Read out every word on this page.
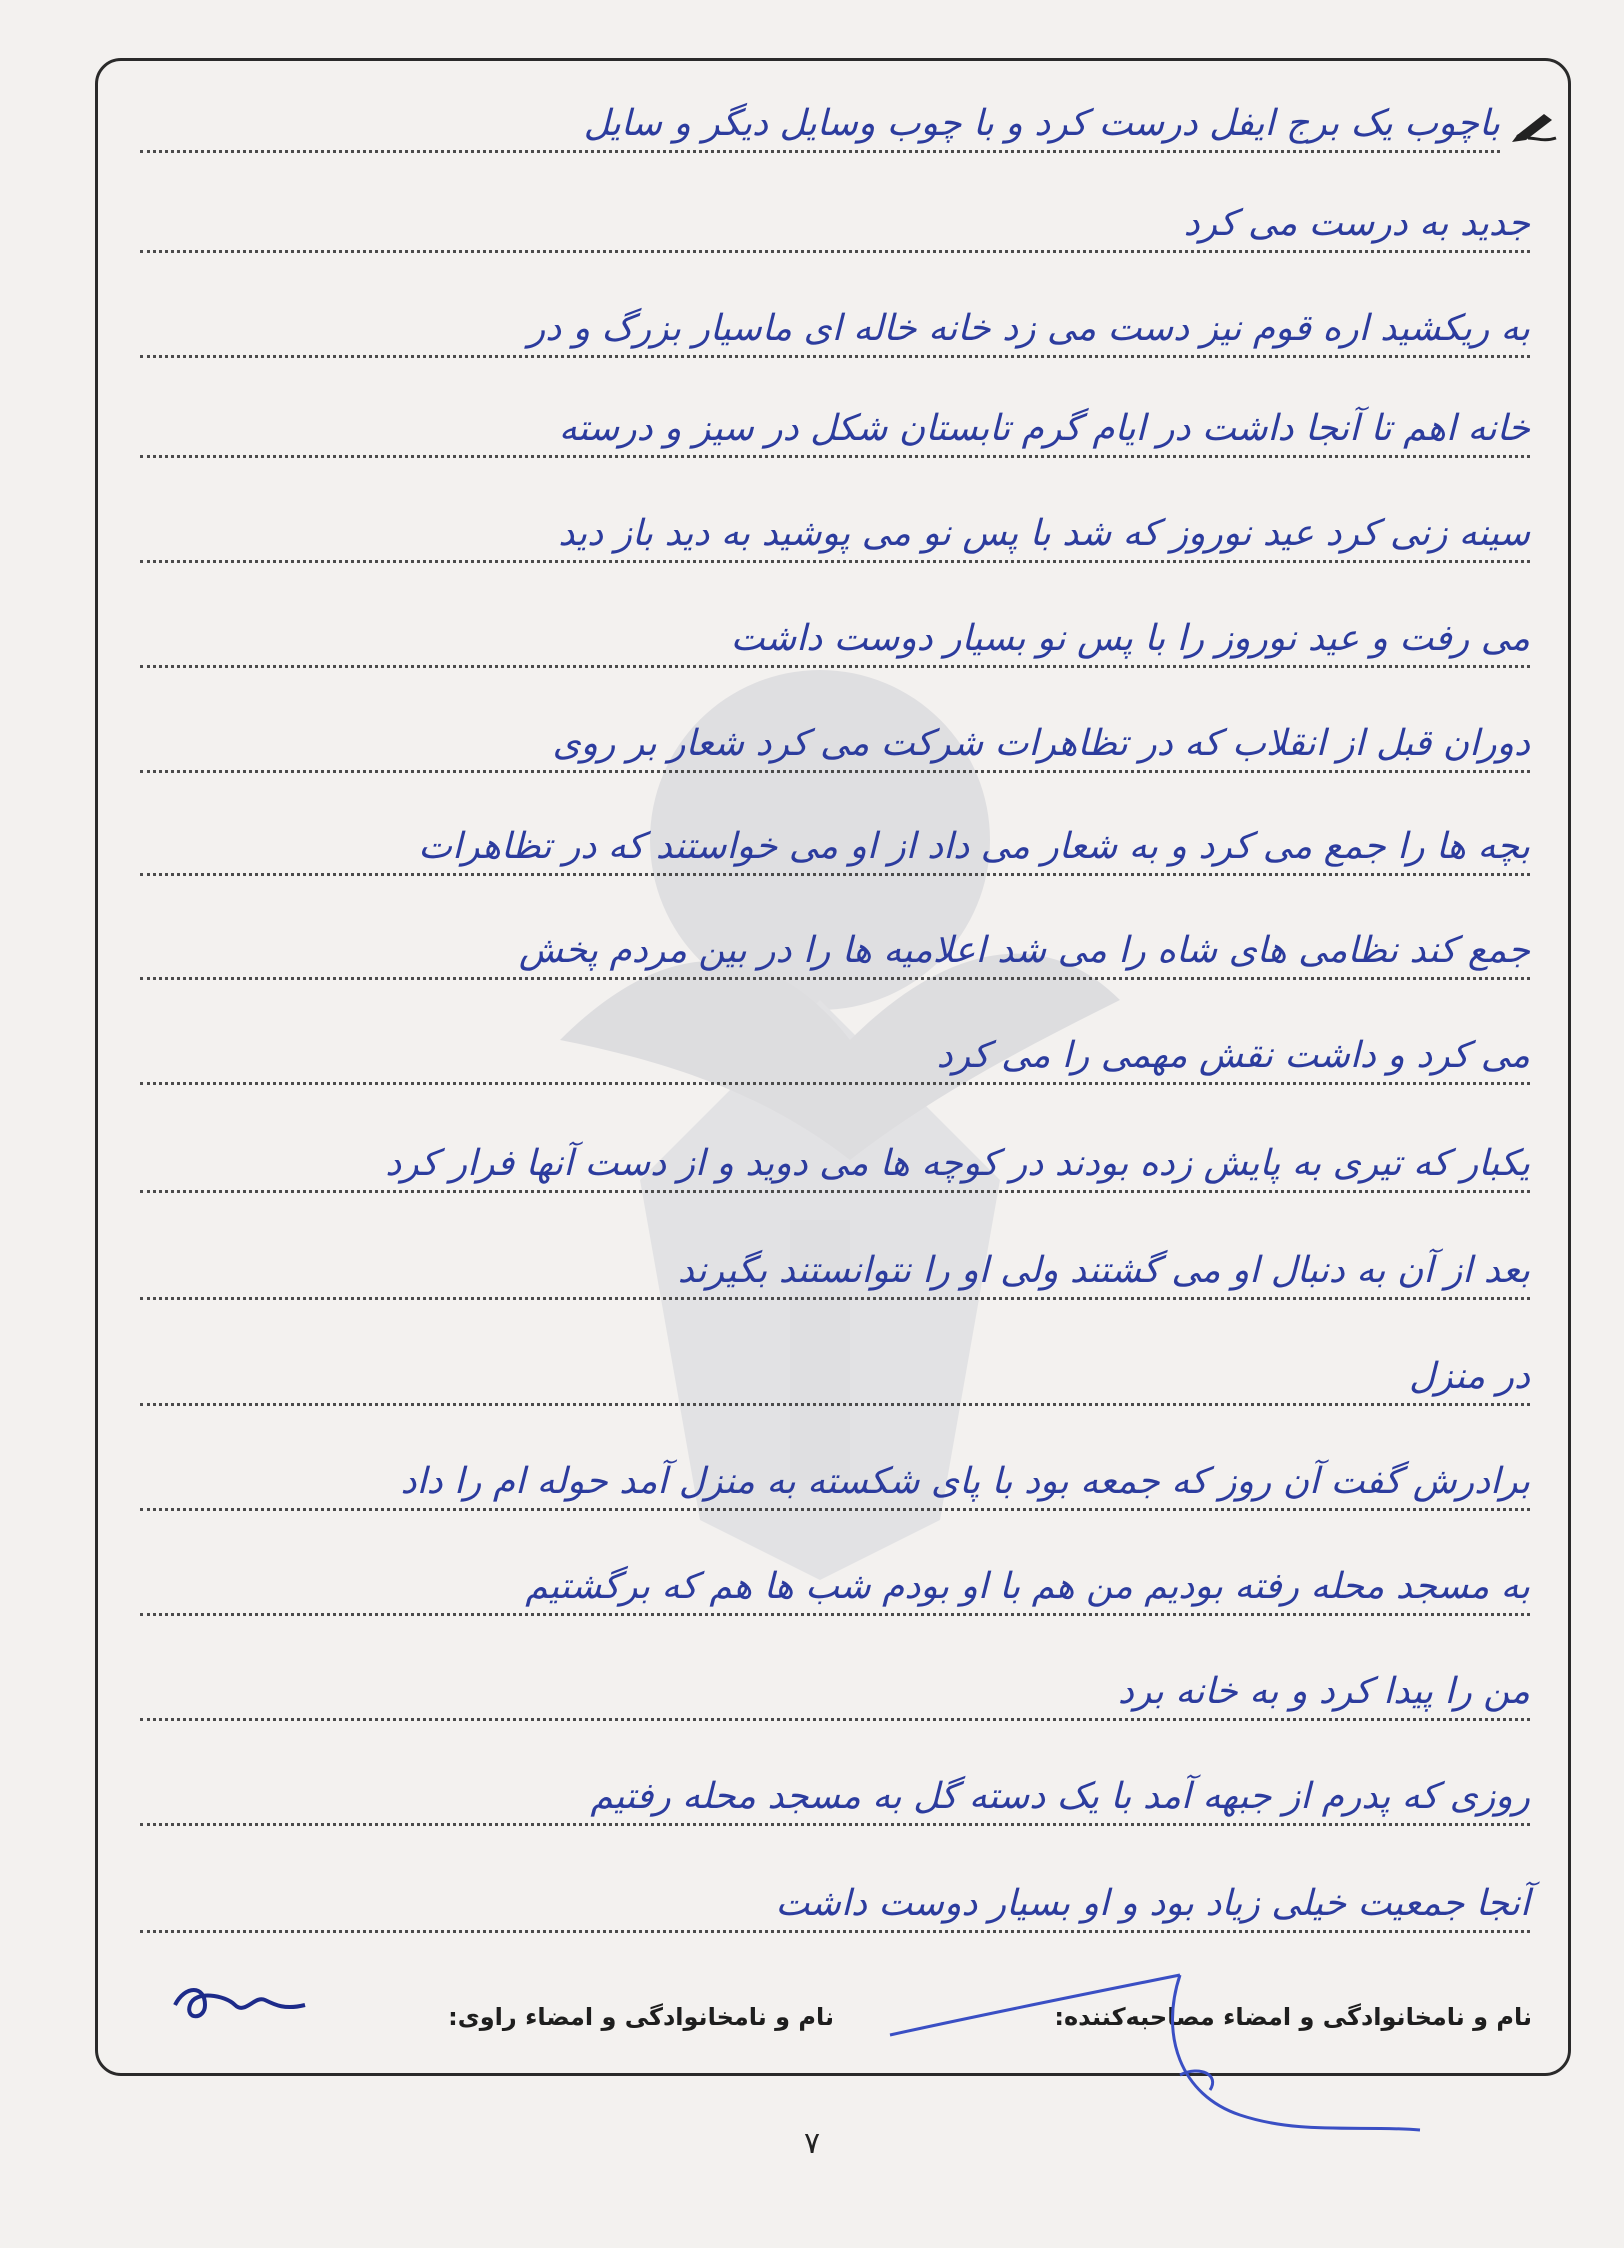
باچوب یک برج ایفل درست کرد و با چوب وسایل دیگر و سایل
جدید به درست می کرد
به ریکشید اره قوم نیز دست می زد خانه خاله ای ماسیار بزرگ و در
خانه اهم تا آنجا داشت در ایام گرم تابستان شکل در سیز و درسته
سینه زنی کرد عید نوروز که شد با پس نو می پوشید به دید باز دید
می رفت و عید نوروز را با پس نو بسیار دوست داشت
دوران قبل از انقلاب که در تظاهرات شرکت می کرد شعار بر روی
بچه ها را جمع می کرد و به شعار می داد از او می خواستند که در تظاهرات
جمع کند نظامی های شاه را می شد اعلامیه ها را در بین مردم پخش
می کرد و داشت نقش مهمی را می کرد
یکبار که تیری به پایش زده بودند در کوچه ها می دوید و از دست آنها فرار کرد
بعد از آن به دنبال او می گشتند ولی او را نتوانستند بگیرند
در منزل
برادرش گفت آن روز که جمعه بود با پای شکسته به منزل آمد حوله ام را داد
به مسجد محله رفته بودیم من هم با او بودم شب ها هم که برگشتیم
من را پیدا کرد و به خانه برد
روزی که پدرم از جبهه آمد با یک دسته گل به مسجد محله رفتیم
آنجا جمعیت خیلی زیاد بود و او بسیار دوست داشت
نام و نامخانوادگی و امضاء مصاحبه‌کننده:
نام و نامخانوادگی و امضاء راوی:
۷
